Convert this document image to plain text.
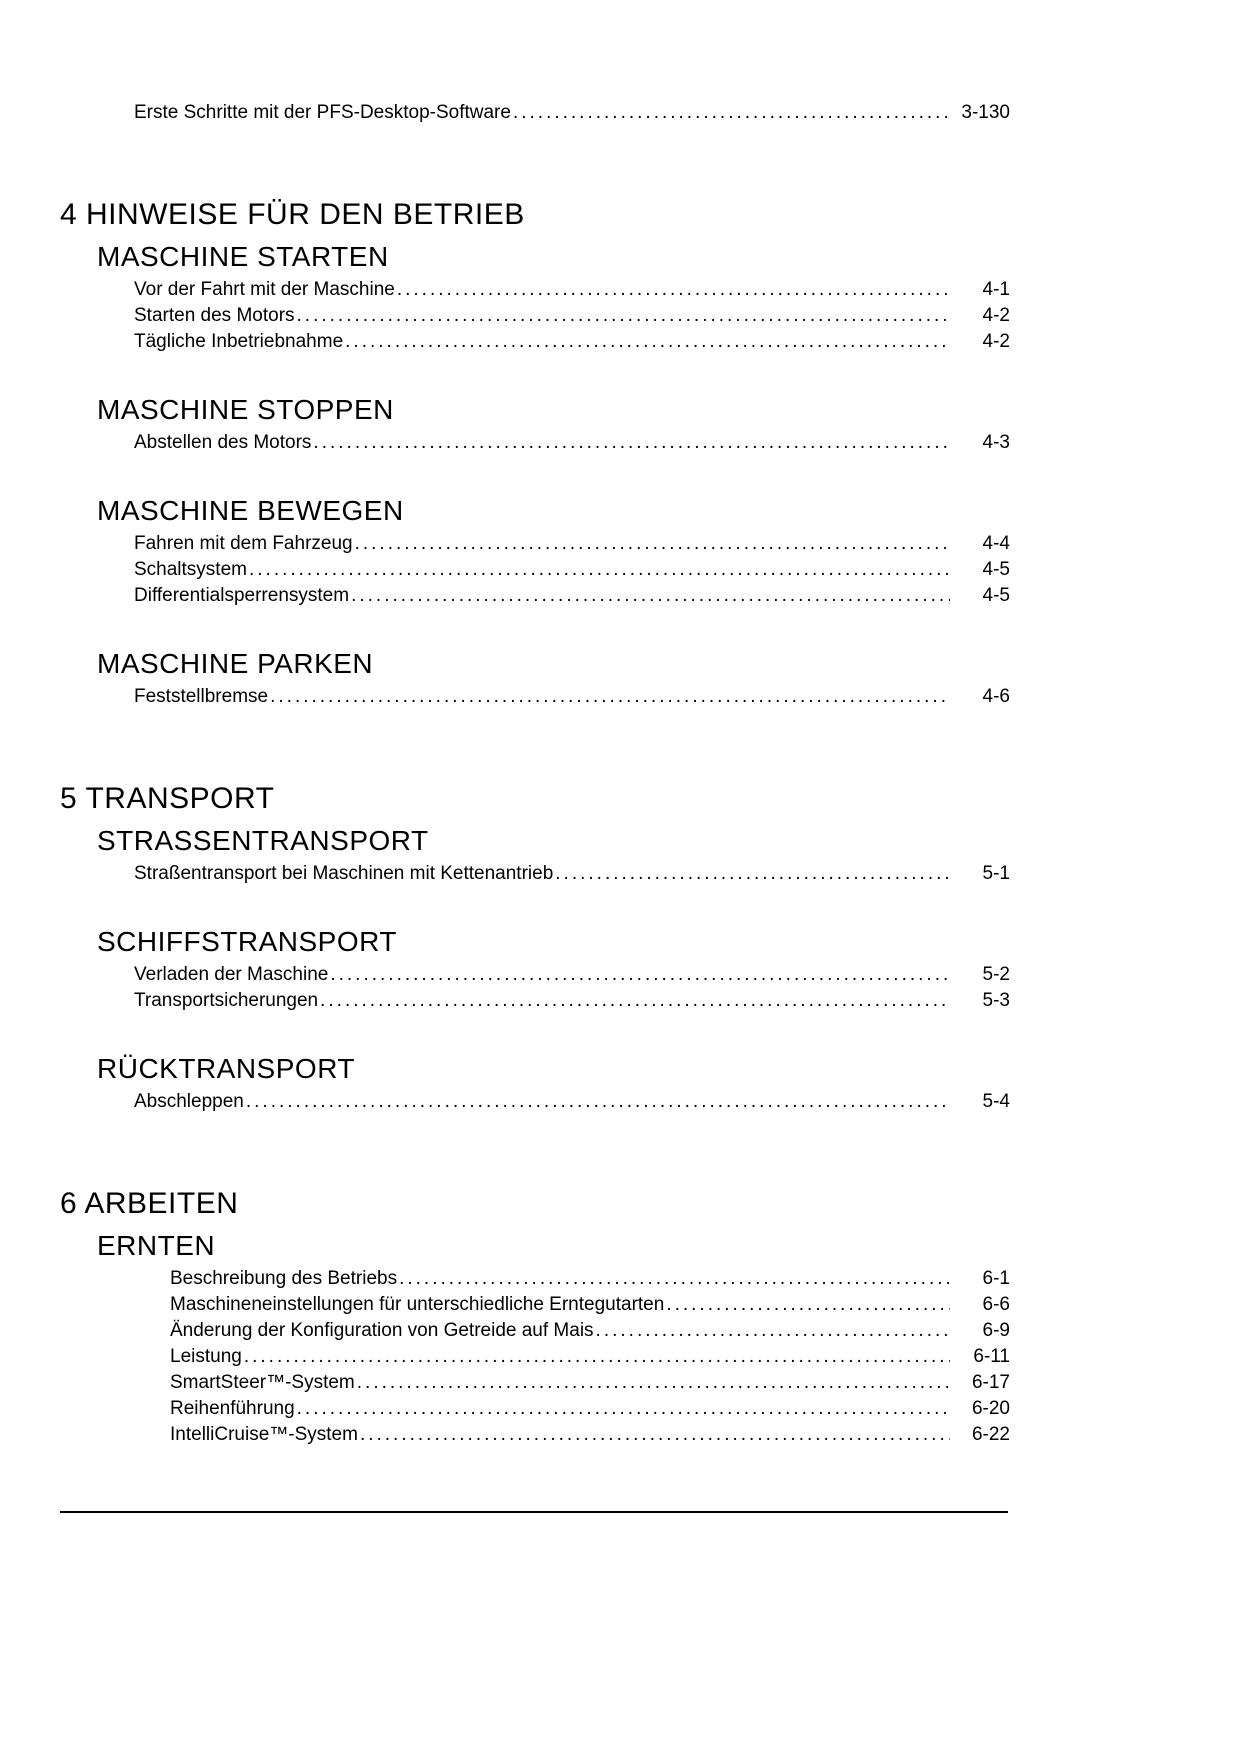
Erste Schritte mit der PFS-Desktop-Software .....	3-130
4 HINWEISE FÜR DEN BETRIEB
MASCHINE STARTEN
Vor der Fahrt mit der Maschine .....	4-1
Starten des Motors .....	4-2
Tägliche Inbetriebnahme .....	4-2
MASCHINE STOPPEN
Abstellen des Motors .....	4-3
MASCHINE BEWEGEN
Fahren mit dem Fahrzeug .....	4-4
Schaltsystem .....	4-5
Differentialsperrensystem .....	4-5
MASCHINE PARKEN
Feststellbremse .....	4-6
5 TRANSPORT
STRASSENTRANSPORT
Straßentransport bei Maschinen mit Kettenantrieb .....	5-1
SCHIFFSTRANSPORT
Verladen der Maschine .....	5-2
Transportsicherungen .....	5-3
RÜCKTRANSPORT
Abschleppen .....	5-4
6 ARBEITEN
ERNTEN
Beschreibung des Betriebs .....	6-1
Maschineneinstellungen für unterschiedliche Erntegutarten .....	6-6
Änderung der Konfiguration von Getreide auf Mais .....	6-9
Leistung .....	6-11
SmartSteer™-System .....	6-17
Reihenführung .....	6-20
IntelliCruise™-System .....	6-22
